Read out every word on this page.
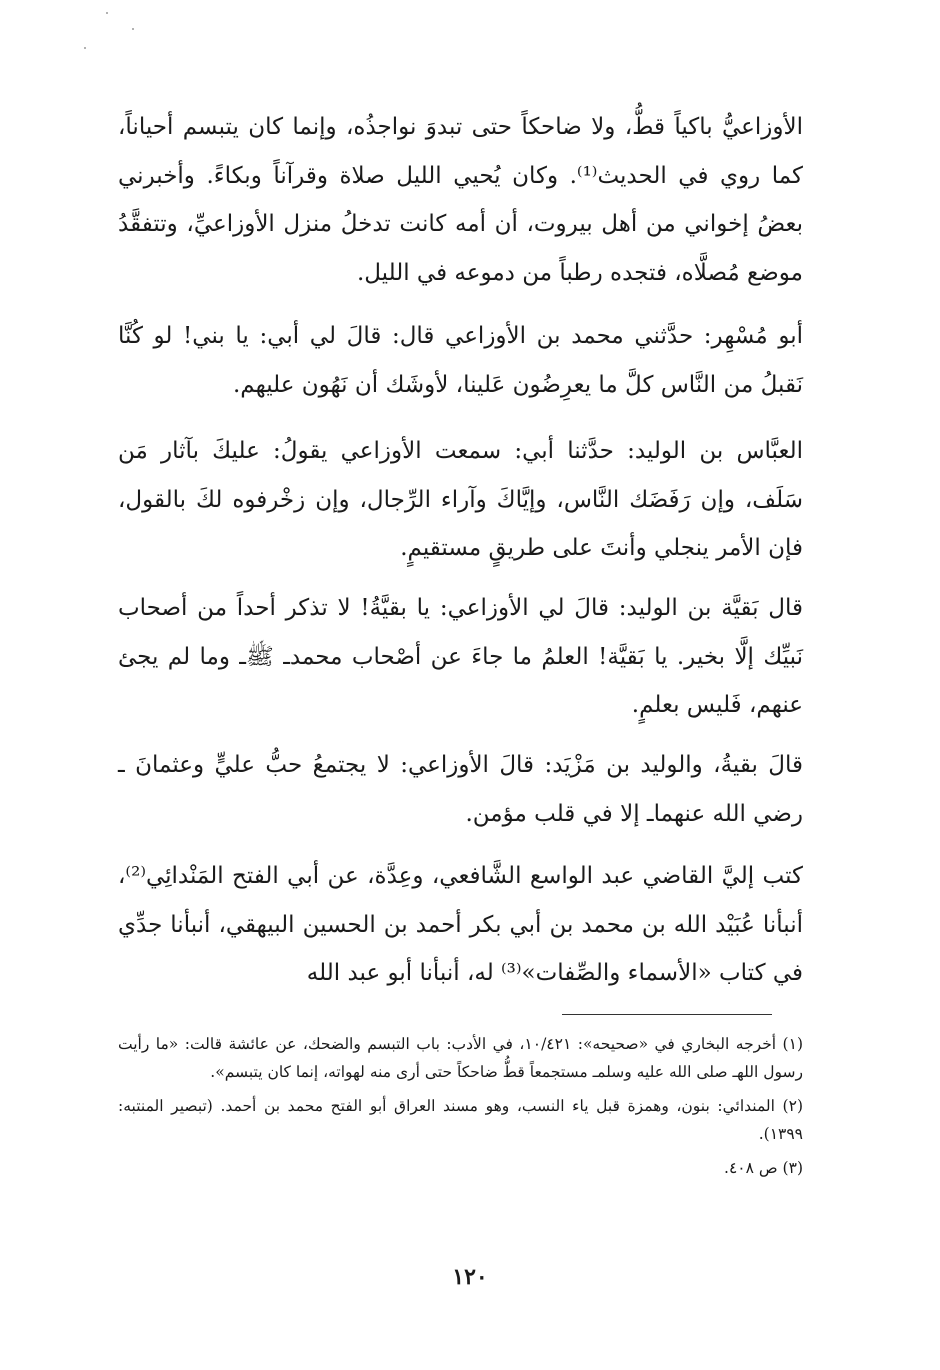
الأوزاعيُّ باكياً قطُّ، ولا ضاحكاً حتى تبدوَ نواجذُه، وإنما كان يتبسم أحياناً، كما روي في الحديث⁽¹⁾. وكان يُحيي الليل صلاة وقرآناً وبكاءً. وأخبرني بعضُ إخواني من أهل بيروت، أن أمه كانت تدخلُ منزل الأوزاعيِّ، وتتفقَّدُ موضع مُصلَّاه، فتجده رطباً من دموعه في الليل.

أبو مُسْهِر: حدَّثني محمد بن الأوزاعي قال: قالَ لي أبي: يا بني! لو كُنَّا نَقبلُ من النَّاس كلَّ ما يعرِضُون عَلينا، لأوشَك أن نَهُون عليهم.

العبَّاس بن الوليد: حدَّثنا أبي: سمعت الأوزاعي يقولُ: عليكَ بآثار مَن سَلَف، وإن رَفَضَك النَّاس، وإيَّاكَ وآراء الرِّجال، وإن زخْرفوه لكَ بالقول، فإن الأمر ينجلي وأنتَ على طريقٍ مستقيمٍ.

قال بَقيَّة بن الوليد: قالَ لي الأوزاعي: يا بقيَّةُ! لا تذكر أحداً من أصحاب نَبيِّك إلَّا بخير. يا بَقيَّة! العلمُ ما جاءَ عن أصْحاب محمدـ ﷺـ وما لم يجئ عنهم، فَليس بعلمٍ.

قالَ بقيةُ، والوليد بن مَزْيَد: قالَ الأوزاعي: لا يجتمعُ حبُّ عليٍّ وعثمانَ ـ رضي الله عنهماـ إلا في قلب مؤمن.

كتب إليَّ القاضي عبد الواسع الشَّافعي، وعِدَّة، عن أبي الفتح المَنْدائِي⁽²⁾، أنبأنا عُبَيْد الله بن محمد بن أبي بكر أحمد بن الحسين البيهقي، أنبأنا جدِّي في كتاب «الأسماء والصِّفات»⁽³⁾ له، أنبأنا أبو عبد الله

(١) أخرجه البخاري في «صحيحه»: ١٠/٤٢١، في الأدب: باب التبسم والضحك، عن عائشة قالت: «ما رأيت رسول اللهـ صلى الله عليه وسلمـ مستجمعاً قطُّ ضاحكاً حتى أرى منه لهواته، إنما كان يتبسم».

(٢) المندائي: بنون، وهمزة قبل ياء النسب، وهو مسند العراق أبو الفتح محمد بن أحمد. (تبصير المنتبه: ١٣٩٩).

(٣) ص ٤٠٨.

١٢٠
